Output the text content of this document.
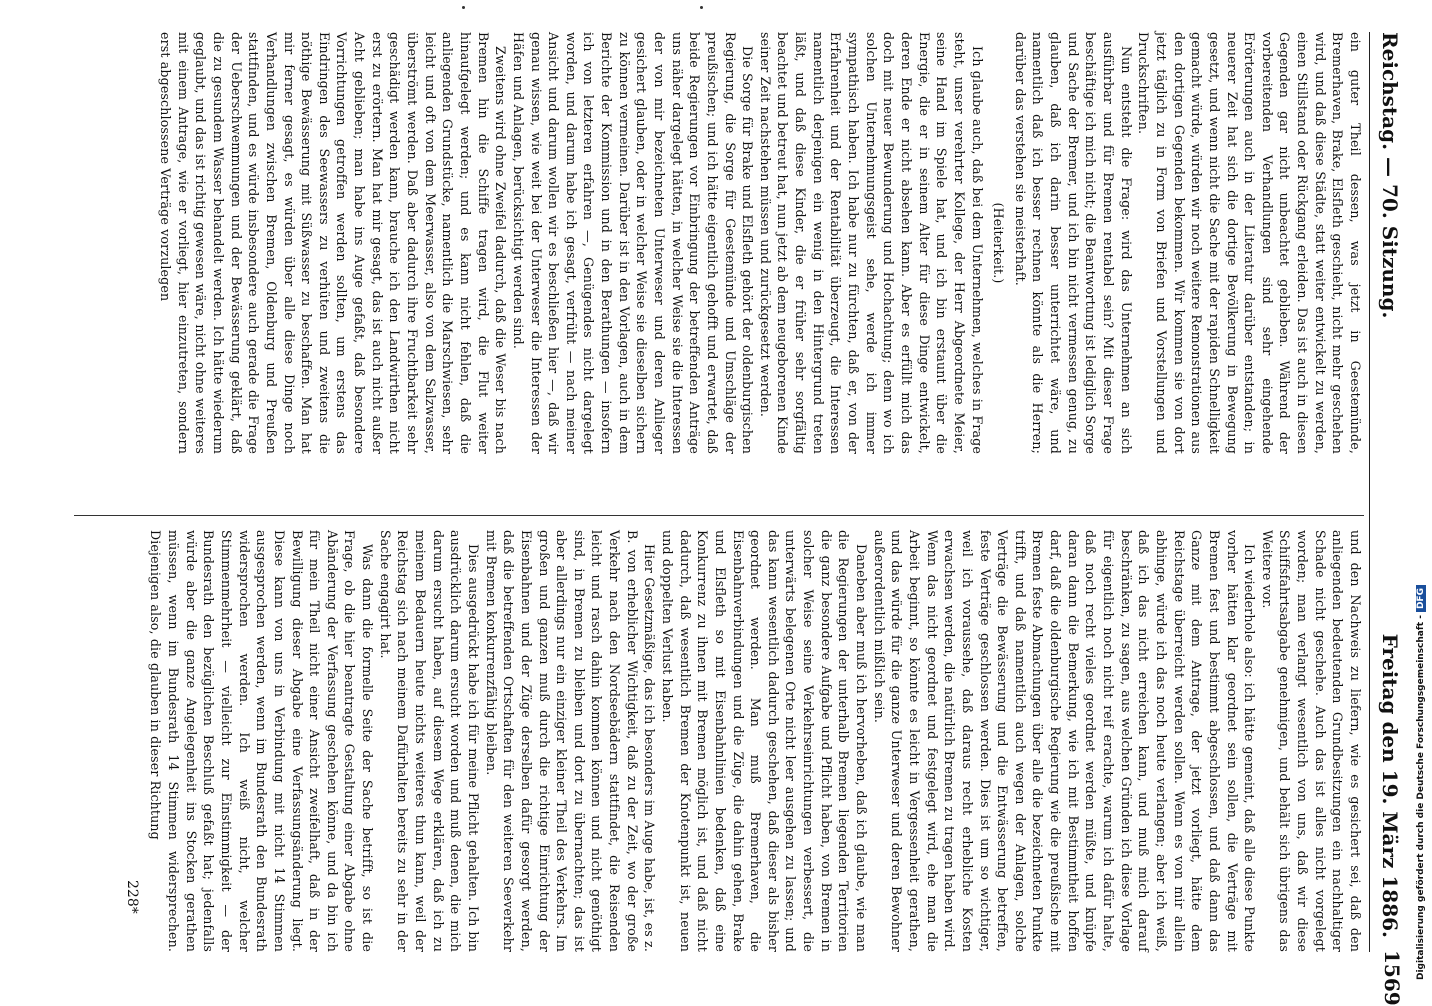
Reichstag. — 70. Sitzung.
Freitag den 19. März 1886.
1569

ein guter Theil dessen, was jetzt in Geestemünde, Bremerhaven, Brake, Elsfleth geschieht, nicht mehr geschehen wird, und daß diese Städte, statt weiter entwickelt zu werden, einen Stillstand oder Rückgang erleiden. Das ist auch in diesen Gegenden gar nicht unbeachtet geblieben. Während der vorbereitenden Verhandlungen sind sehr eingehende Erörterungen auch in der Literatur darüber entstanden; in neuerer Zeit hat sich die dortige Bevölkerung in Bewegung gesetzt, und wenn nicht die Sache mit der rapiden Schnelligkeit gemacht würde, würden wir noch weitere Remonstrationen aus den dortigen Gegenden bekommen. Wir kommen sie von dort jetzt täglich zu in Form von Briefen und Vorstellungen und Druckschriften.

Nun entsteht die Frage: wird das Unternehmen an sich ausführbar und für Bremen rentabel sein? Mit dieser Frage beschäftige ich mich nicht; die Beantwortung ist lediglich Sorge und Sache der Bremer, und ich bin nicht vermessen genug, zu glauben, daß ich darin besser unterrichtet wäre, und namentlich daß ich besser rechnen könnte als die Herren; darüber das verstehen sie meisterhaft.

(Heiterkeit.)

Ich glaube auch, daß bei dem Unternehmen, welches in Frage steht, unser verehrter Kollege, der Herr Abgeordnete Meier, seine Hand im Spiele hat, und ich bin erstaunt über die Energie, die er in seinem Alter für diese Dinge entwickelt, deren Ende er nicht absehen kann. Aber es erfüllt mich das doch mit neuer Bewunderung und Hochachtung; denn wo ich solchen Unternehmungsgeist sehe, werde ich immer sympathisch haben. Ich habe nur zu fürchten, daß er, von der Erfahrenheit und der Rentabilität überzeugt, die Interessen namentlich derjenigen ein wenig in den Hintergrund treten läßt, und daß diese Kinder, die er früher sehr sorgfältig beachtet und betreut hat, nun jetzt ab dem neugeborenen Kinde seiner Zeit nachstehen müssen und zurückgesetzt werden.

Die Sorge für Brake und Elsfleth gehört der oldenburgischen Regierung, die Sorge für Geestemünde und Umschläge der preußischen; und ich hätte eigentlich gehofft und erwartet, daß beide Regierungen vor Einbringung der betreffenden Anträge uns näher dargelegt hätten, in welcher Weise sie die Interessen der von mir bezeichneten Unterweser und deren Anlieger gesichert glauben, oder in welcher Weise sie dieselben sichern zu können vermeinen. Darüber ist in den Vorlagen, auch in dem Berichte der Kommission und in den Berathungen — insofern ich von letzteren erfahren —, Genügendes nicht dargelegt worden, und darum habe ich gesagt, verfrüht — nach meiner Ansicht und darum wollen wir es beschließen hier —, daß wir genau wissen, wie weit bei der Unterweser die Interessen der Häfen und Anlagen, berücksichtigt werden sind.

Zweitens wird ohne Zweifel dadurch, daß die Weser bis nach Bremen hin die Schiffe tragen wird, die Flut weiter hinaufgelegt werden; und es kann nicht fehlen, daß die anliegenden Grundstücke, namentlich die Marschwiesen, sehr leicht und oft von dem Meerwasser, also von dem Salzwasser, überströmt werden. Daß aber dadurch ihre Fruchtbarkeit sehr geschädigt werden kann, brauche ich den Landwirthen nicht erst zu erörtern. Man hat mir gesagt, das ist auch nicht außer Acht geblieben; man habe ins Auge gefaßt, daß besondere Vorrichtungen getroffen werden sollten, um erstens das Eindringen des Seewassers zu verhüten und zweitens die nöthige Bewässerung mit Süßwasser zu beschaffen. Man hat mir ferner gesagt, es würden über alle diese Dinge noch Verhandlungen zwischen Bremen, Oldenburg und Preußen stattfinden, und es würde insbesondere auch gerade die Frage der Ueberschwemmungen und der Bewässerung geklärt, daß die zu gesundem Wasser behandelt werden. Ich hätte wiederum geglaubt, und das ist richtig gewesen wäre, nicht ohne weiteres mit einem Antrage, wie er vorliegt, hier einzutreten, sondern erst abgeschlossene Verträge vorzulegen

und den Nachweis zu liefern, wie es gesichert sei, daß den anliegenden bedeutenden Grundbesitzungen ein nachhaltiger Schade nicht geschehe. Auch das ist alles nicht vorgelegt worden; man verlangt wesentlich von uns, daß wir diese Schiffsfahrtsabgabe genehmigen, und behält sich übrigens das Weitere vor.

Ich wiederhole also: ich hätte gemeint, daß alle diese Punkte vorher hätten klar geordnet sein sollen, die Verträge mit Bremen fest und bestimmt abgeschlossen, und daß dann das Ganze mit dem Antrage, der jetzt vorliegt, hätte dem Reichstage überreicht werden sollen. Wenn es von mir allein abhinge, würde ich das noch heute verlangen; aber ich weiß, daß ich das nicht erreichen kann, und muß mich darauf beschränken, zu sagen, aus welchen Gründen ich diese Vorlage für eigentlich noch nicht reif erachte, warum ich dafür halte, daß noch recht vieles geordnet werden müßte, und knüpfe daran dann die Bemerkung, wie ich mit Bestimmtheit hoffen darf, daß die oldenburgische Regierung wie die preußische mit Bremen feste Abmachungen über alle die bezeichneten Punkte trifft, und daß namentlich auch wegen der Anlagen, solche Verträge die Bewässerung und die Entwässerung betreffen, feste Verträge geschlossen werden. Dies ist um so wichtiger, weil ich voraussehe, daß daraus recht erhebliche Kosten erwachsen werden, die natürlich Bremen zu tragen haben wird. Wenn das nicht geordnet und festgelegt wird, ehe man die Arbeit beginnt, so könnte es leicht in Vergessenheit gerathen, und das würde für die ganze Unterweser und deren Bewohner außerordentlich mißlich sein.

Daneben aber muß ich hervorheben, daß ich glaube, wie man die Regierungen der unterhalb Bremen liegenden Territorien die ganz besondere Aufgabe und Pflicht haben, von Bremen in solcher Weise seine Verkehrseinrichtungen verbessert, die unterwärts belegenen Orte nicht leer ausgehen zu lassen; und das kann wesentlich dadurch geschehen, daß dieser als bisher geordnet werden. Man muß Bremerhaven, die Eisenbahnverbindungen und die Züge, die dahin gehen, Brake und Elsfleth so mit Eisenbahnlinien bedenken, daß eine Konkurrenz zu ihnen mit Bremen möglich ist, und daß nicht dadurch, daß wesentlich Bremen der Knotenpunkt ist, neuen und doppelten Verlust haben.

Hier Gesetzmäßige, das ich besonders im Auge habe, ist, es z. B. von erheblicher Wichtigkeit, daß zu der Zeit, wo der große Verkehr nach den Nordseebädern stattfindet, die Reisenden leicht und rasch dahin kommen können und nicht genöthigt sind, in Bremen zu bleiben und dort zu übernachten; das ist aber allerdings nur ein einziger kleiner Theil des Verkehrs. Im großen und ganzen muß durch die richtige Einrichtung der Eisenbahnen und der Züge derselben dafür gesorgt werden, daß die betreffenden Ortschaften für den weiteren Seeverkehr mit Bremen konkurrenzfähig bleiben.

Dies ausgedrückt habe ich für meine Pflicht gehalten. Ich bin ausdrücklich darum ersucht worden und muß denen, die mich darum ersucht haben, auf diesem Wege erklären, daß ich zu meinem Bedauern heute nichts weiteres thun kann, weil der Reichstag sich nach meinem Dafürhalten bereits zu sehr in der Sache engagirt hat.

Was dann die formelle Seite der Sache betrifft, so ist die Frage, ob die hier beantragte Gestaltung einer Abgabe ohne Abänderung der Verfassung geschehen könne, und da bin ich für mein Theil nicht einer Ansicht zweifelhaft, daß in der Bewilligung dieser Abgabe eine Verfassungsänderung liegt. Diese kann von uns in Verbindung mit nicht 14 Stimmen ausgesprochen werden, wenn im Bundesrath den Bundesrath widersprochen werden. Ich weiß nicht, welcher Stimmenmehrheit — vielleicht zur Einstimmigkeit — der Bundesrath den bezüglichen Beschluß gefaßt hat; jedenfalls würde aber die ganze Angelegenheit ins Stocken gerathen müssen, wenn im Bundesrath 14 Stimmen widersprechen. Diejenigen also, die glauben in dieser Richtung

228*	Digitalisierung gefördert durch die Deutsche Forschungsgemeinschaft -DFG
